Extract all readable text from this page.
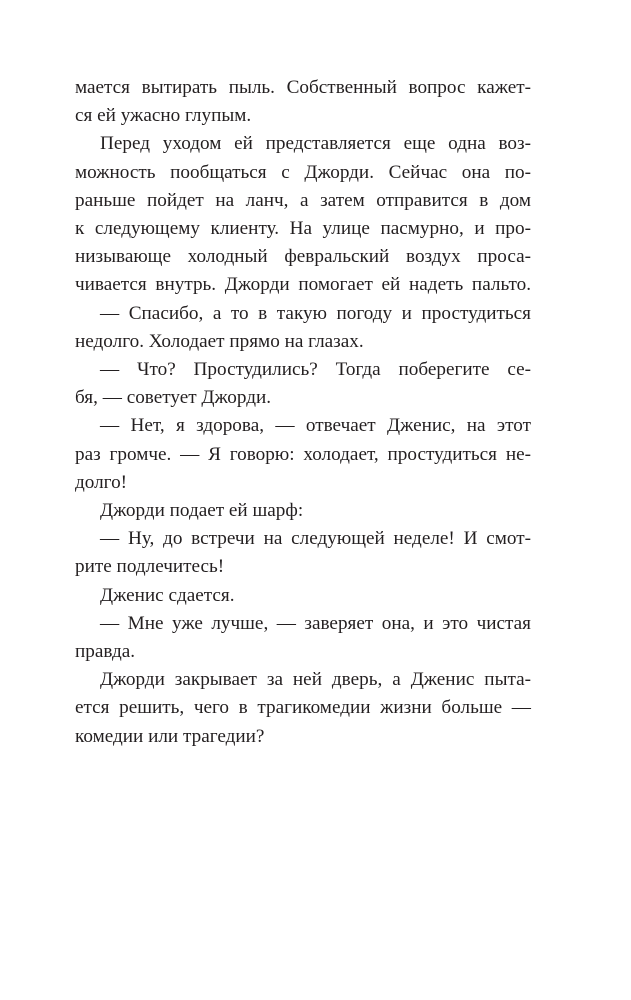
мается вытирать пыль. Собственный вопрос кажет-
ся ей ужасно глупым.
Перед уходом ей представляется еще одна воз-
можность пообщаться с Джорди. Сейчас она по-
раньше пойдет на ланч, а затем отправится в дом
к следующему клиенту. На улице пасмурно, и про-
низывающе холодный февральский воздух проса-
чивается внутрь. Джорди помогает ей надеть пальто.
— Спасибо, а то в такую погоду и простудиться
недолго. Холодает прямо на глазах.
— Что? Простудились? Тогда поберегите се-
бя, — советует Джорди.
— Нет, я здорова, — отвечает Дженис, на этот
раз громче. — Я говорю: холодает, простудиться не-
долго!
Джорди подает ей шарф:
— Ну, до встречи на следующей неделе! И смот-
рите подлечитесь!
Дженис сдается.
— Мне уже лучше, — заверяет она, и это чистая
правда.
Джорди закрывает за ней дверь, а Дженис пыта-
ется решить, чего в трагикомедии жизни больше —
комедии или трагедии?
